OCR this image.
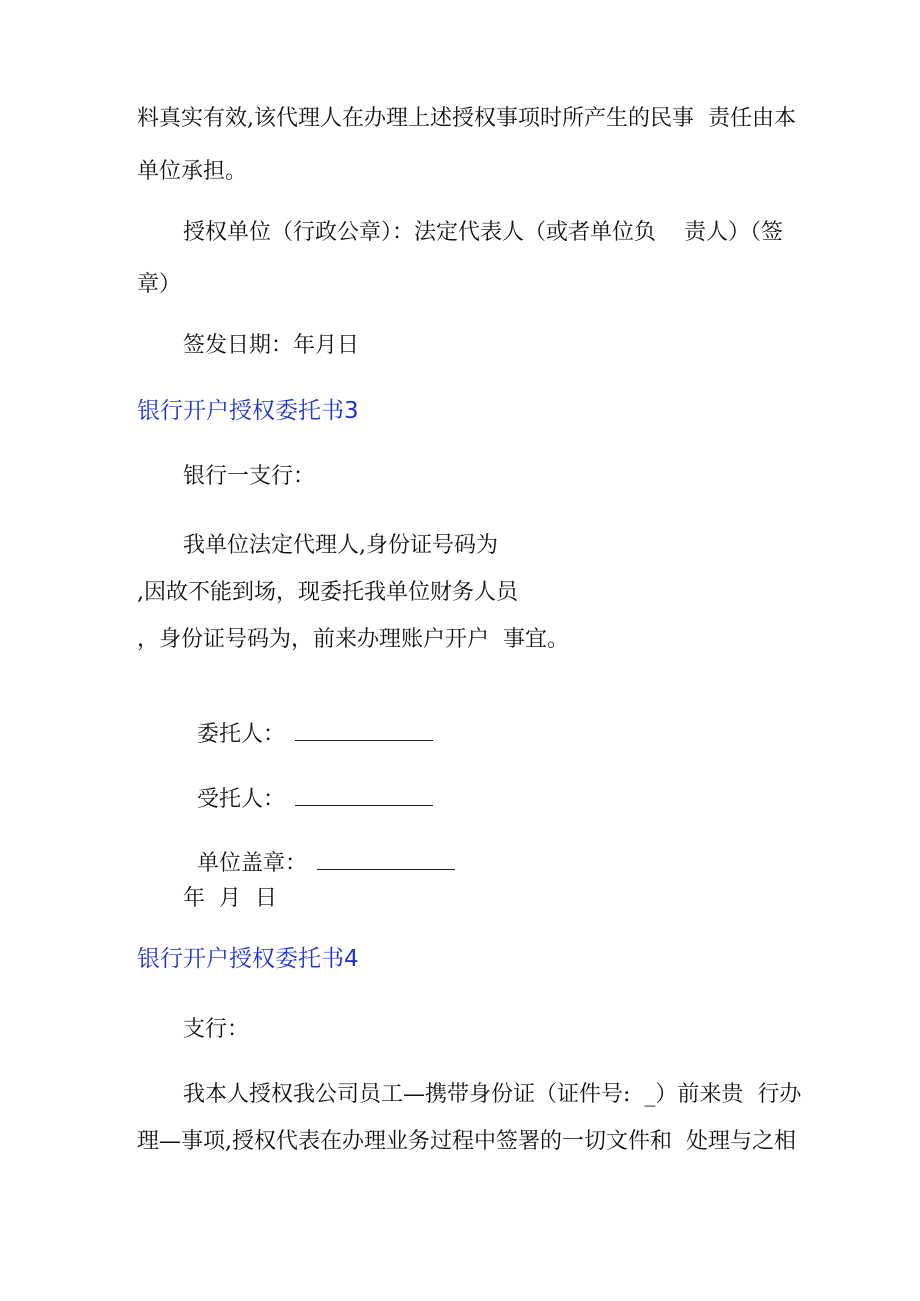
料真实有效,该代理人在办理上述授权事项时所产生的民事  责任由本
单位承担。
授权单位（行政公章）：法定代表人（或者单位负    责人）（签
章）
签发日期：年月日
银行开户授权委托书3
银行一支行：
我单位法定代理人,身份证号码为
,因故不能到场，现委托我单位财务人员
，身份证号码为，前来办理账户开户  事宜。

委托人：

受托人：

单位盖章：

年  月  日
银行开户授权委托书4
支行：
我本人授权我公司员工—携带身份证（证件号:  _）前来贵  行办
理—事项,授权代表在办理业务过程中签署的一切文件和  处理与之相
